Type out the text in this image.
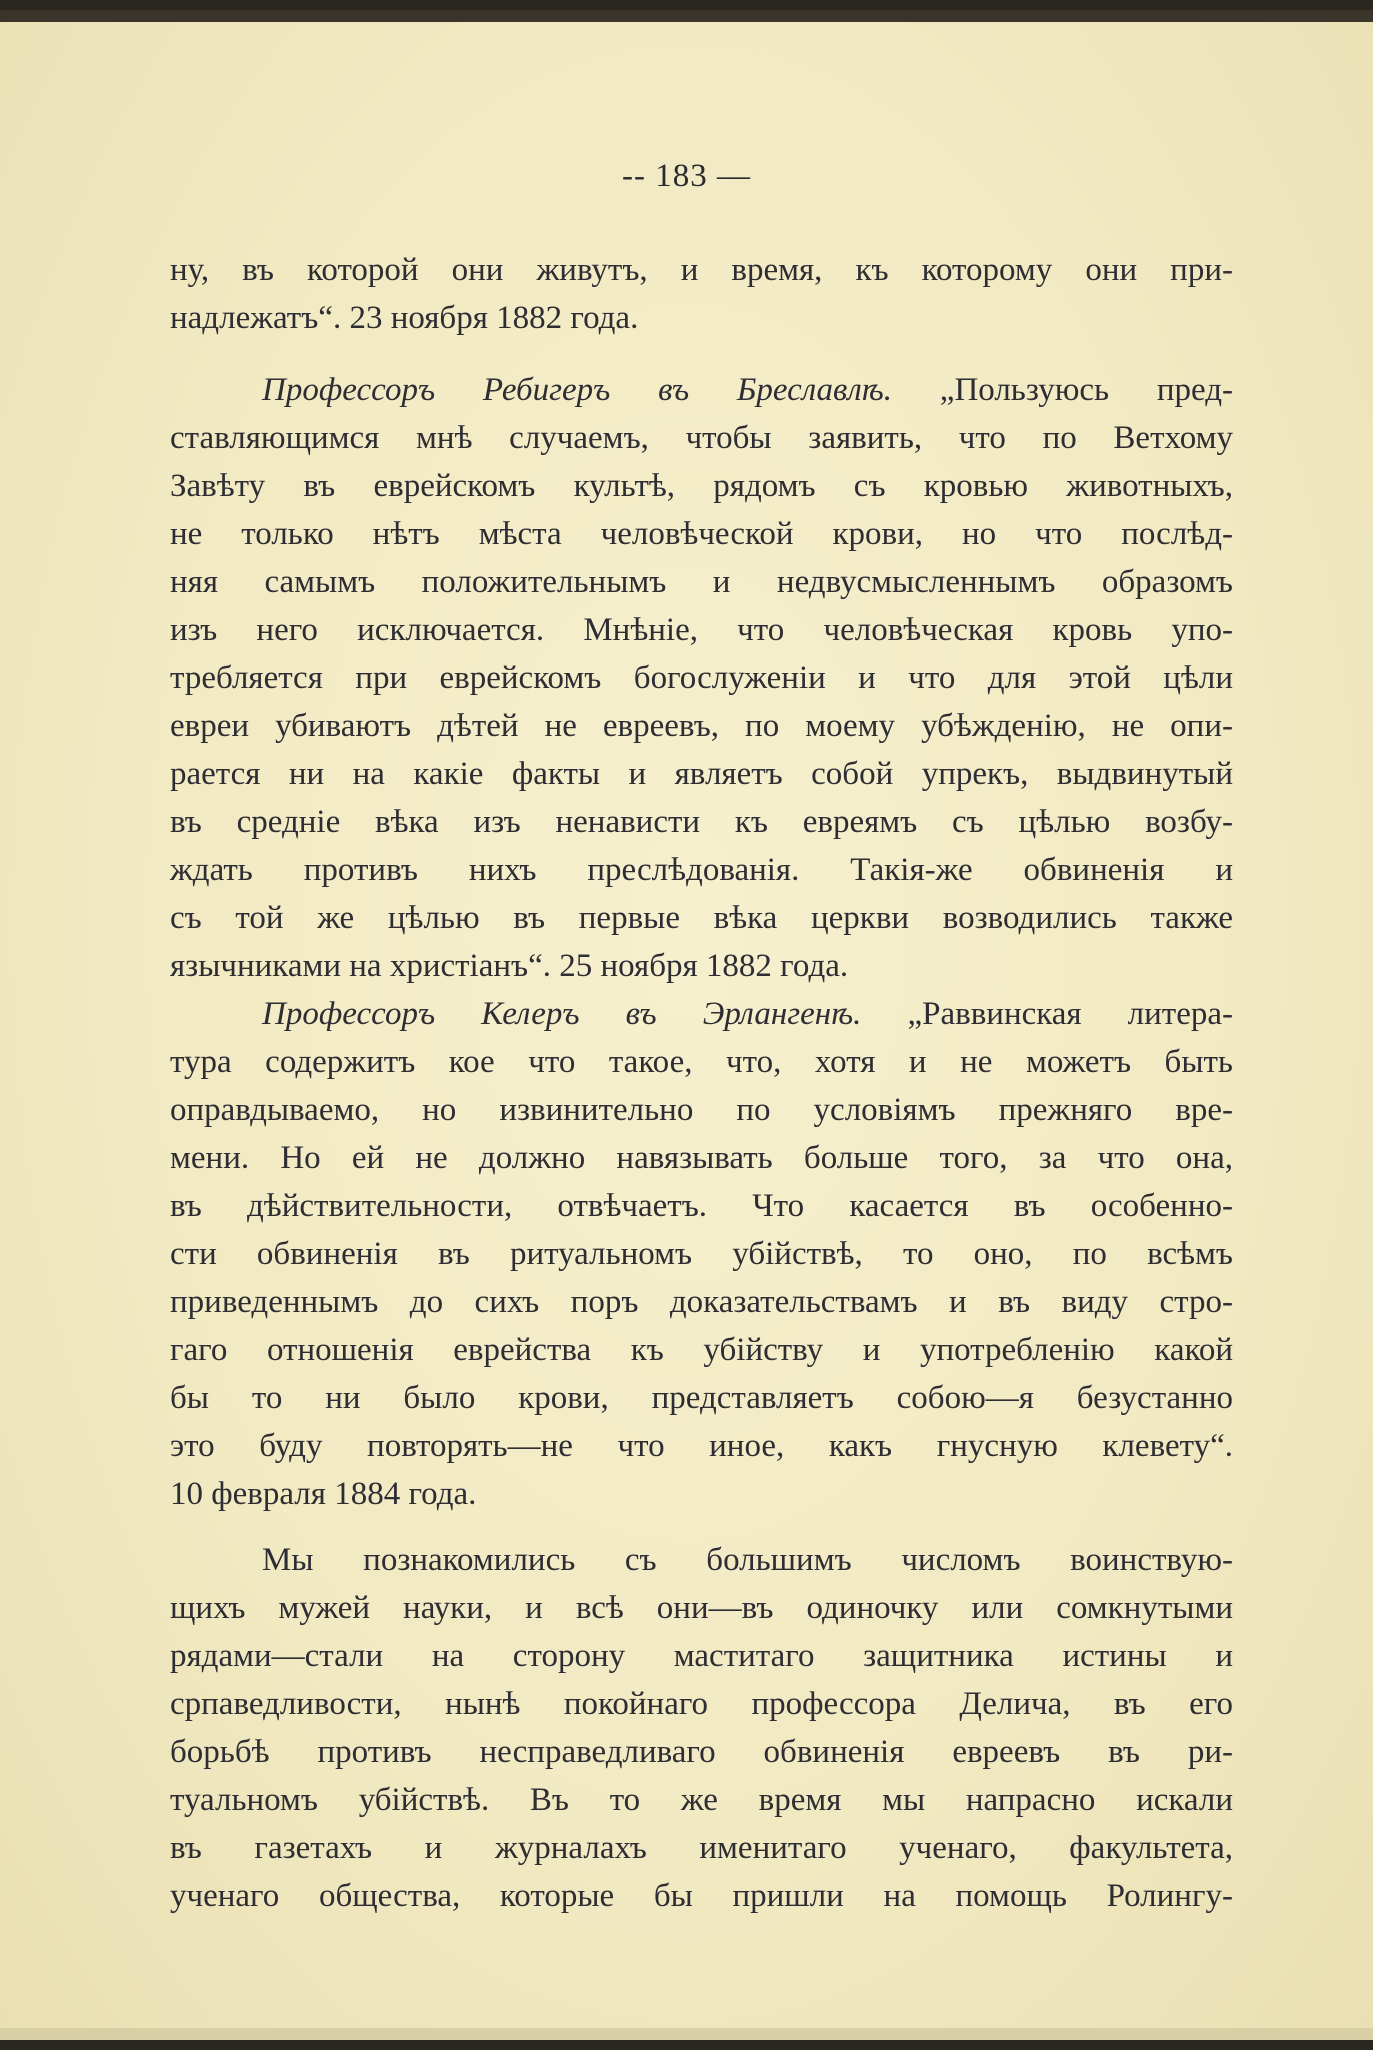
-- 183 —
ну, въ которой они живутъ, и время, къ которому они при-
надлежатъ“. 23 ноября 1882 года.
Профессоръ Ребигеръ въ Бреславлѣ. „Пользуюсь пред-
ставляющимся мнѣ случаемъ, чтобы заявить, что по Ветхому
Завѣту въ еврейскомъ культѣ, рядомъ съ кровью животныхъ,
не только нѣтъ мѣста человѣческой крови, но что послѣд-
няя самымъ положительнымъ и недвусмысленнымъ образомъ
изъ него исключается. Мнѣніе, что человѣческая кровь упо-
требляется при еврейскомъ богослуженіи и что для этой цѣли
евреи убиваютъ дѣтей не евреевъ, по моему убѣжденію, не опи-
рается ни на какіе факты и являетъ собой упрекъ, выдвинутый
въ средніе вѣка изъ ненависти къ евреямъ съ цѣлью возбу-
ждать противъ нихъ преслѣдованія. Такія-же обвиненія и
съ той же цѣлью въ первые вѣка церкви возводились также
язычниками на христіанъ“. 25 ноября 1882 года.
Профессоръ Келеръ въ Эрлангенѣ. „Раввинская литера-
тура содержитъ кое что такое, что, хотя и не можетъ быть
оправдываемо, но извинительно по условіямъ прежняго вре-
мени. Но ей не должно навязывать больше того, за что она,
въ дѣйствительности, отвѣчаетъ. Что касается въ особенно-
сти обвиненія въ ритуальномъ убійствѣ, то оно, по всѣмъ
приведеннымъ до сихъ поръ доказательствамъ и въ виду стро-
гаго отношенія еврейства къ убійству и употребленію какой
бы то ни было крови, представляетъ собою—я безустанно
это буду повторять—не что иное, какъ гнусную клевету“.
10 февраля 1884 года.
Мы познакомились съ большимъ числомъ воинствую-
щихъ мужей науки, и всѣ они—въ одиночку или сомкнутыми
рядами—стали на сторону маститаго защитника истины и
српаведливости, нынѣ покойнаго профессора Делича, въ его
борьбѣ противъ несправедливаго обвиненія евреевъ въ ри-
туальномъ убійствѣ. Въ то же время мы напрасно искали
въ газетахъ и журналахъ именитаго ученаго, факультета,
ученаго общества, которые бы пришли на помощь Ролингу-
